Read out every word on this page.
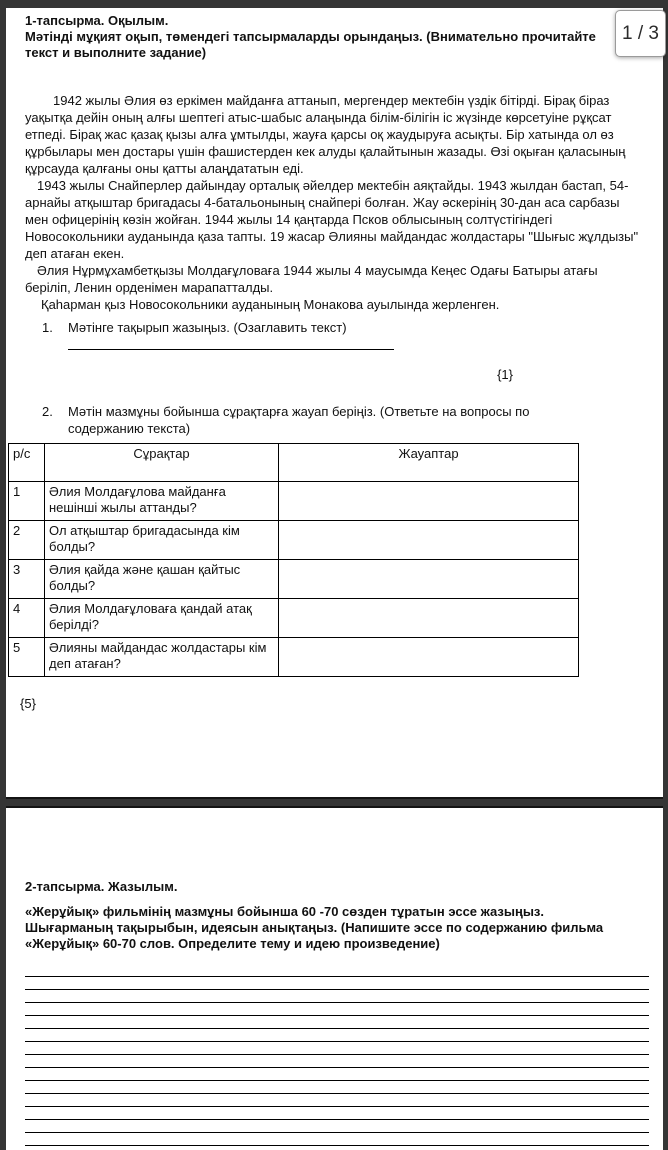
1-тапсырма. Оқылым.
Мәтінді мұқият оқып, төмендегі тапсырмаларды орындаңыз. (Внимательно прочитайте текст и выполните задание)

1942 жылы Әлия өз еркімен майданға аттанып, мергендер мектебін үздік бітірді. Бірақ біраз уақытқа дейін оның алғы шептегі атыс-шабыс алаңында білім-білігін іс жүзінде көрсетуіне рұқсат етпеді. Бірақ жас қазақ қызы алға ұмтылды, жауға қарсы оқ жаудыруға асықты. Бір хатында ол өз құрбылары мен достары үшін фашистерден кек алуды қалайтынын жазады. Өзі оқыған қаласының құрсауда қалғаны оны қатты алаңдататын еді.

1943 жылы Снайперлер дайындау орталық әйелдер мектебін аяқтайды. 1943 жылдан бастап, 54-арнайы атқыштар бригадасы 4-батальонының снайпері болған. Жау әскерінің 30-дан аса сарбазы мен офицерінің көзін жойған. 1944 жылы 14 қаңтарда Псков облысының солтүстігіндегі Новосокольники ауданында қаза тапты. 19 жасар Әлияны майдандас жолдастары "Шығыс жұлдызы" деп атаған екен.

Әлия Нұрмұхамбетқызы Молдағұловаға 1944 жылы 4 маусымда Кеңес Одағы Батыры атағы беріліп, Ленин орденімен марапатталды.

Қаһарман қыз Новосокольники ауданының Монакова ауылында жерленген.

1.	Мәтінге тақырып жазыңыз. (Озаглавить текст)
{1}
2.	Мәтін мазмұны бойынша сұрақтарға жауап беріңіз. (Ответьте на вопросы по содержанию текста)
р/с	Сұрақтар	Жауаптар
1	Әлия Молдағұлова майданға нешінші жылы аттанды?	
2	Ол атқыштар бригадасында кім болды?	
3	Әлия қайда және қашан қайтыс болды?	
4	Әлия Молдағұловаға қандай атақ берілді?	
5	Әлияны майдандас жолдастары кім деп атаған?	
{5}
2-тапсырма. Жазылым.
«Жерұйық» фильмінің мазмұны бойынша 60 -70 сөзден тұратын эссе жазыңыз. Шығарманың тақырыбын, идеясын анықтаңыз. (Напишите эссе по содержанию фильма «Жерұйық» 60-70 слов. Определите тему и идею произведение)
1 / 3
